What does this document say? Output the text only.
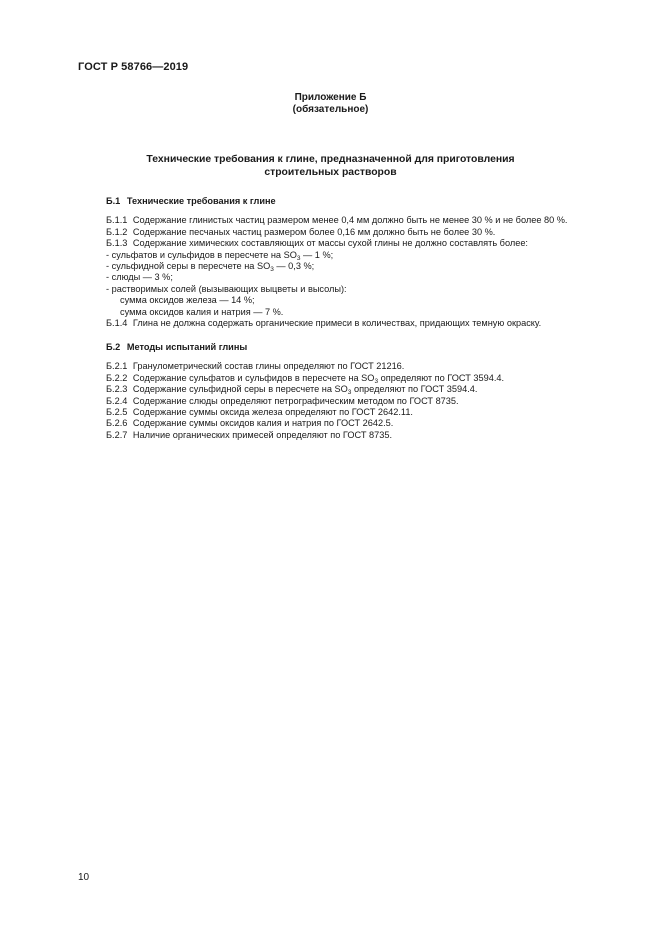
ГОСТ Р 58766—2019
Приложение Б
(обязательное)
Технические требования к глине, предназначенной для приготовления
строительных растворов
Б.1 Технические требования к глине
Б.1.1 Содержание глинистых частиц размером менее 0,4 мм должно быть не менее 30 % и не более 80 %.
Б.1.2 Содержание песчаных частиц размером более 0,16 мм должно быть не более 30 %.
Б.1.3 Содержание химических составляющих от массы сухой глины не должно составлять более:
- сульфатов и сульфидов в пересчете на $SO_3$ — 1 %;
- сульфидной серы в пересчете на $SO_3$ — 0,3 %;
- слюды — 3 %;
- растворимых солей (вызывающих выцветы и высолы):
сумма оксидов железа — 14 %;
сумма оксидов калия и натрия — 7 %.
Б.1.4 Глина не должна содержать органические примеси в количествах, придающих темную окраску.
Б.2 Методы испытаний глины
Б.2.1 Гранулометрический состав глины определяют по ГОСТ 21216.
Б.2.2 Содержание сульфатов и сульфидов в пересчете на $SO_3$ определяют по ГОСТ 3594.4.
Б.2.3 Содержание сульфидной серы в пересчете на $SO_3$ определяют по ГОСТ 3594.4.
Б.2.4 Содержание слюды определяют петрографическим методом по ГОСТ 8735.
Б.2.5 Содержание суммы оксида железа определяют по ГОСТ 2642.11.
Б.2.6 Содержание суммы оксидов калия и натрия по ГОСТ 2642.5.
Б.2.7 Наличие органических примесей определяют по ГОСТ 8735.
10
